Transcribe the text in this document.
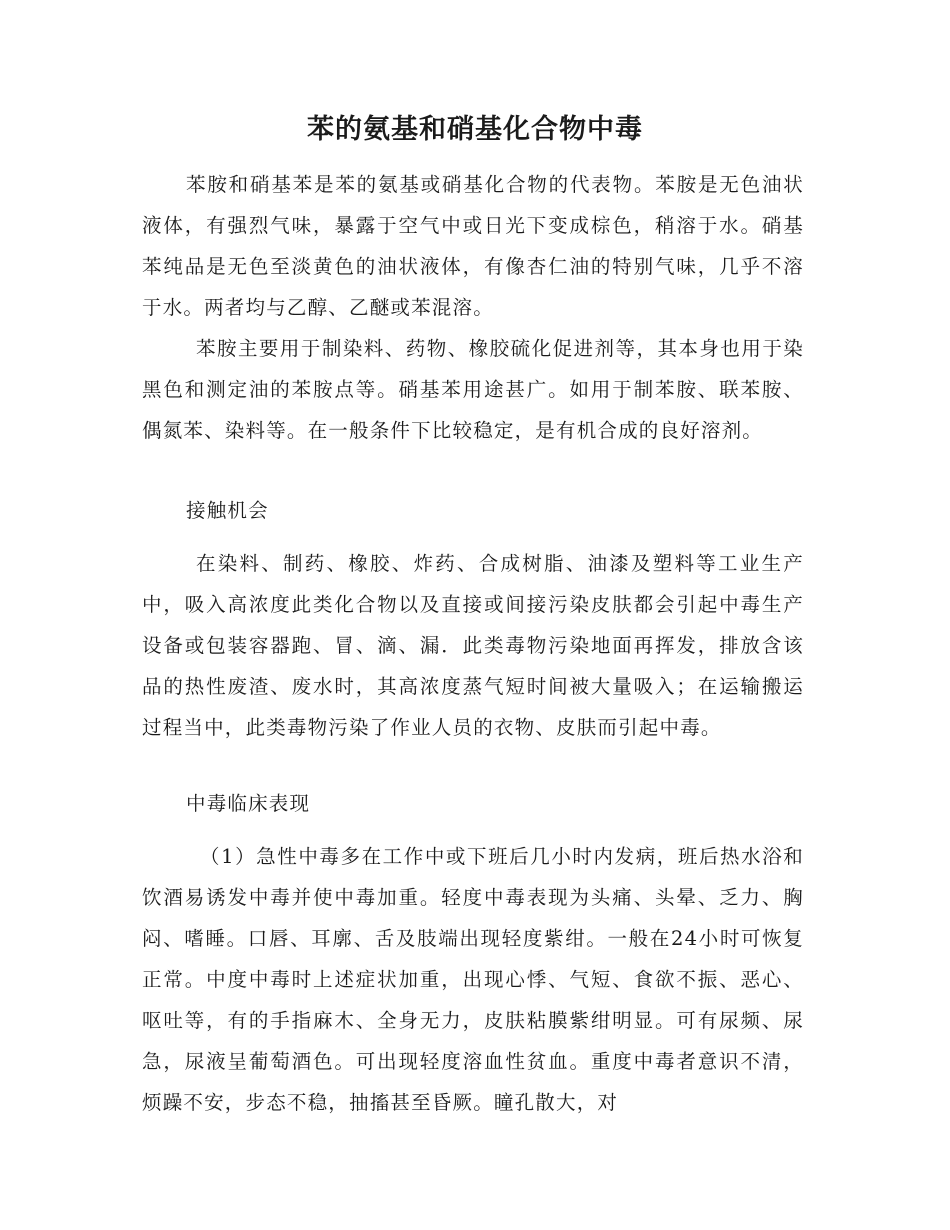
苯的氨基和硝基化合物中毒

苯胺和硝基苯是苯的氨基或硝基化合物的代表物。苯胺是无色油状液体，有强烈气味，暴露于空气中或日光下变成棕色，稍溶于水。硝基苯纯品是无色至淡黄色的油状液体，有像杏仁油的特别气味，几乎不溶于水。两者均与乙醇、乙醚或苯混溶。

苯胺主要用于制染料、药物、橡胶硫化促进剂等，其本身也用于染黑色和测定油的苯胺点等。硝基苯用途甚广。如用于制苯胺、联苯胺、偶氮苯、染料等。在一般条件下比较稳定，是有机合成的良好溶剂。

接触机会

在染料、制药、橡胶、炸药、合成树脂、油漆及塑料等工业生产中，吸入高浓度此类化合物以及直接或间接污染皮肤都会引起中毒生产设备或包装容器跑、冒、滴、漏．此类毒物污染地面再挥发，排放含该品的热性废渣、废水时，其高浓度蒸气短时间被大量吸入；在运输搬运过程当中，此类毒物污染了作业人员的衣物、皮肤而引起中毒。

中毒临床表现

（1）急性中毒多在工作中或下班后几小时内发病，班后热水浴和饮酒易诱发中毒并使中毒加重。轻度中毒表现为头痛、头晕、乏力、胸闷、嗜睡。口唇、耳廓、舌及肢端出现轻度紫绀。一般在24小时可恢复正常。中度中毒时上述症状加重，出现心悸、气短、食欲不振、恶心、呕吐等，有的手指麻木、全身无力，皮肤粘膜紫绀明显。可有尿频、尿急，尿液呈葡萄酒色。可出现轻度溶血性贫血。重度中毒者意识不清，烦躁不安，步态不稳，抽搐甚至昏厥。瞳孔散大，对
